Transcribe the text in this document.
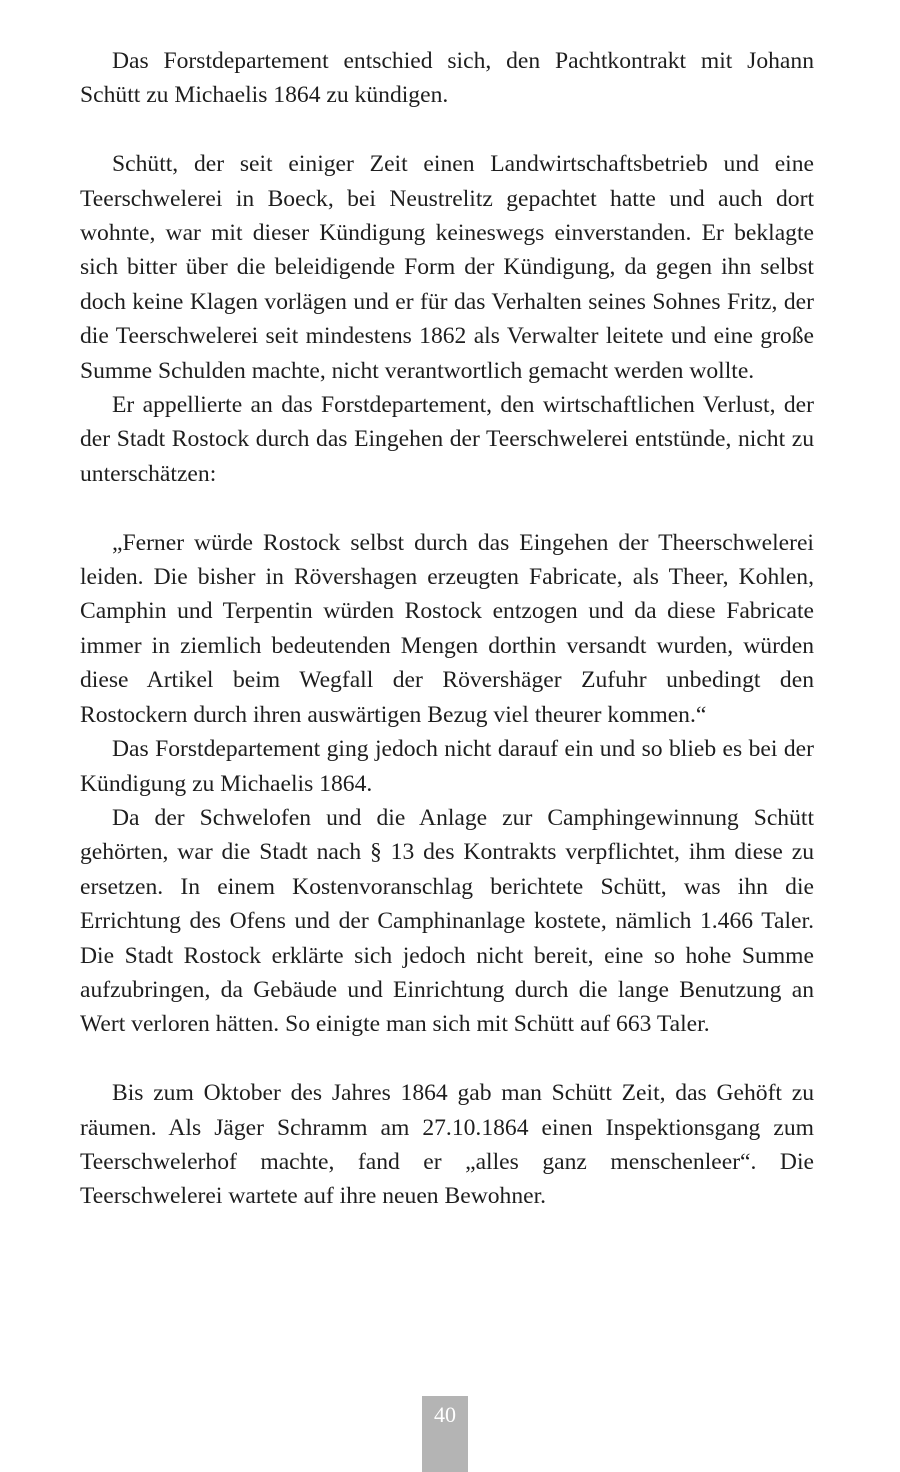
Das Forstdepartement entschied sich, den Pachtkontrakt mit Johann Schütt zu Michaelis 1864 zu kündigen.

Schütt, der seit einiger Zeit einen Landwirtschaftsbetrieb und eine Teerschwelerei in Boeck, bei Neustrelitz gepachtet hatte und auch dort wohnte, war mit dieser Kündigung keineswegs einverstanden. Er beklagte sich bitter über die beleidigende Form der Kündigung, da gegen ihn selbst doch keine Klagen vorlägen und er für das Verhalten seines Sohnes Fritz, der die Teerschwelerei seit mindestens 1862 als Verwalter leitete und eine große Summe Schulden machte, nicht verantwortlich gemacht werden wollte.

Er appellierte an das Forstdepartement, den wirtschaftlichen Verlust, der der Stadt Rostock durch das Eingehen der Teerschwelerei entstünde, nicht zu unterschätzen:

„Ferner würde Rostock selbst durch das Eingehen der Theerschwelerei leiden. Die bisher in Rövershagen erzeugten Fabricate, als Theer, Kohlen, Camphin und Terpentin würden Rostock entzogen und da diese Fabricate immer in ziemlich bedeutenden Mengen dorthin versandt wurden, würden diese Artikel beim Wegfall der Rövershäger Zufuhr unbedingt den Rostockern durch ihren auswärtigen Bezug viel theurer kommen.“

Das Forstdepartement ging jedoch nicht darauf ein und so blieb es bei der Kündigung zu Michaelis 1864.

Da der Schwelofen und die Anlage zur Camphingewinnung Schütt gehörten, war die Stadt nach § 13 des Kontrakts verpflichtet, ihm diese zu ersetzen. In einem Kostenvoranschlag berichtete Schütt, was ihn die Errichtung des Ofens und der Camphinanlage kostete, nämlich 1.466 Taler. Die Stadt Rostock erklärte sich jedoch nicht bereit, eine so hohe Summe aufzubringen, da Gebäude und Einrichtung durch die lange Benutzung an Wert verloren hätten. So einigte man sich mit Schütt auf 663 Taler.

Bis zum Oktober des Jahres 1864 gab man Schütt Zeit, das Gehöft zu räumen. Als Jäger Schramm am 27.10.1864 einen Inspektionsgang zum Teerschwelerhof machte, fand er „alles ganz menschenleer“. Die Teerschwelerei wartete auf ihre neuen Bewohner.

40
